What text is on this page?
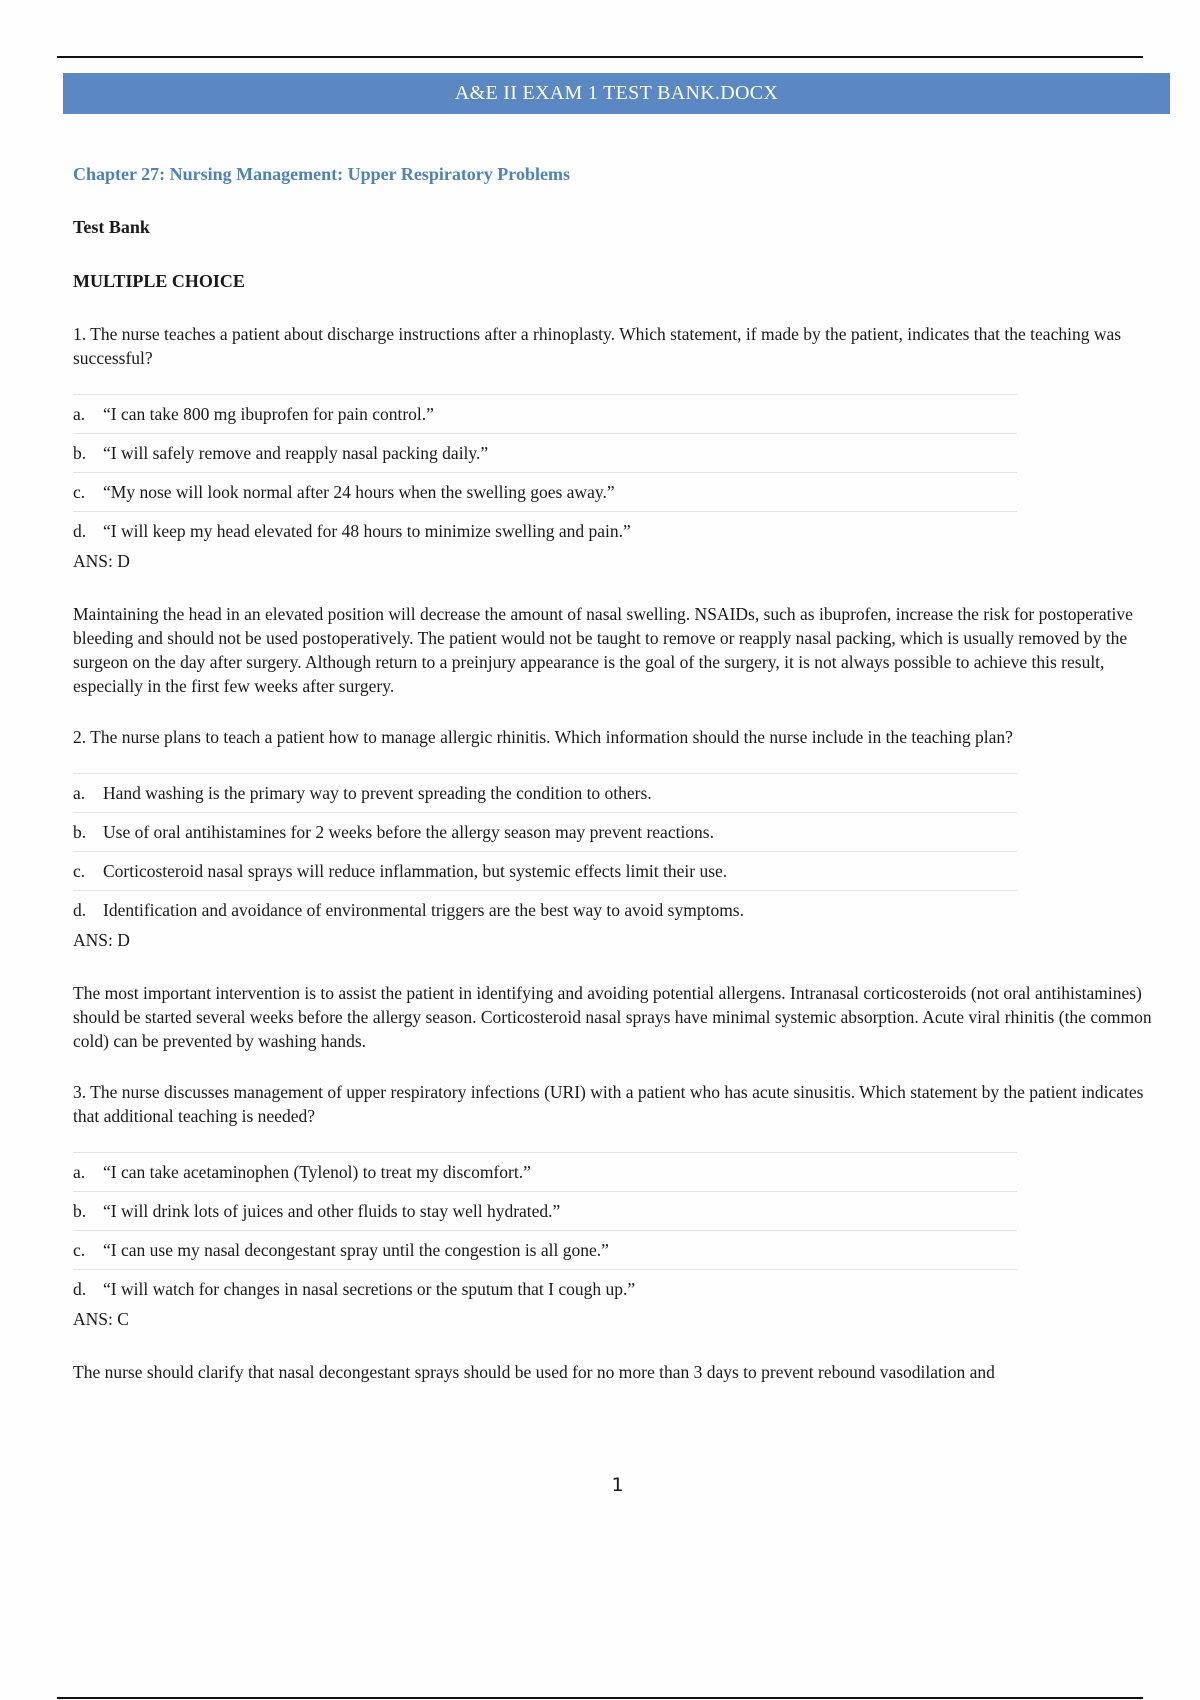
A&E II EXAM 1 TEST BANK.DOCX
Chapter 27: Nursing Management: Upper Respiratory Problems
Test Bank
MULTIPLE CHOICE
1. The nurse teaches a patient about discharge instructions after a rhinoplasty. Which statement, if made by the patient, indicates that the teaching was successful?
a.	“I can take 800 mg ibuprofen for pain control.”
b. “I will safely remove and reapply nasal packing daily.”
c.	“My nose will look normal after 24 hours when the swelling goes away.”
d. “I will keep my head elevated for 48 hours to minimize swelling and pain.”
ANS: D
Maintaining the head in an elevated position will decrease the amount of nasal swelling. NSAIDs, such as ibuprofen, increase the risk for postoperative bleeding and should not be used postoperatively. The patient would not be taught to remove or reapply nasal packing, which is usually removed by the surgeon on the day after surgery. Although return to a preinjury appearance is the goal of the surgery, it is not always possible to achieve this result, especially in the first few weeks after surgery.
2. The nurse plans to teach a patient how to manage allergic rhinitis. Which information should the nurse include in the teaching plan?
a.	Hand washing is the primary way to prevent spreading the condition to others.
b. Use of oral antihistamines for 2 weeks before the allergy season may prevent reactions.
c.	Corticosteroid nasal sprays will reduce inflammation, but systemic effects limit their use.
d. Identification and avoidance of environmental triggers are the best way to avoid symptoms.
ANS: D
The most important intervention is to assist the patient in identifying and avoiding potential allergens. Intranasal corticosteroids (not oral antihistamines) should be started several weeks before the allergy season. Corticosteroid nasal sprays have minimal systemic absorption. Acute viral rhinitis (the common cold) can be prevented by washing hands.
3. The nurse discusses management of upper respiratory infections (URI) with a patient who has acute sinusitis. Which statement by the patient indicates that additional teaching is needed?
a.	“I can take acetaminophen (Tylenol) to treat my discomfort.”
b. “I will drink lots of juices and other fluids to stay well hydrated.”
c.	“I can use my nasal decongestant spray until the congestion is all gone.”
d. “I will watch for changes in nasal secretions or the sputum that I cough up.”
ANS: C
The nurse should clarify that nasal decongestant sprays should be used for no more than 3 days to prevent rebound vasodilation and
1
